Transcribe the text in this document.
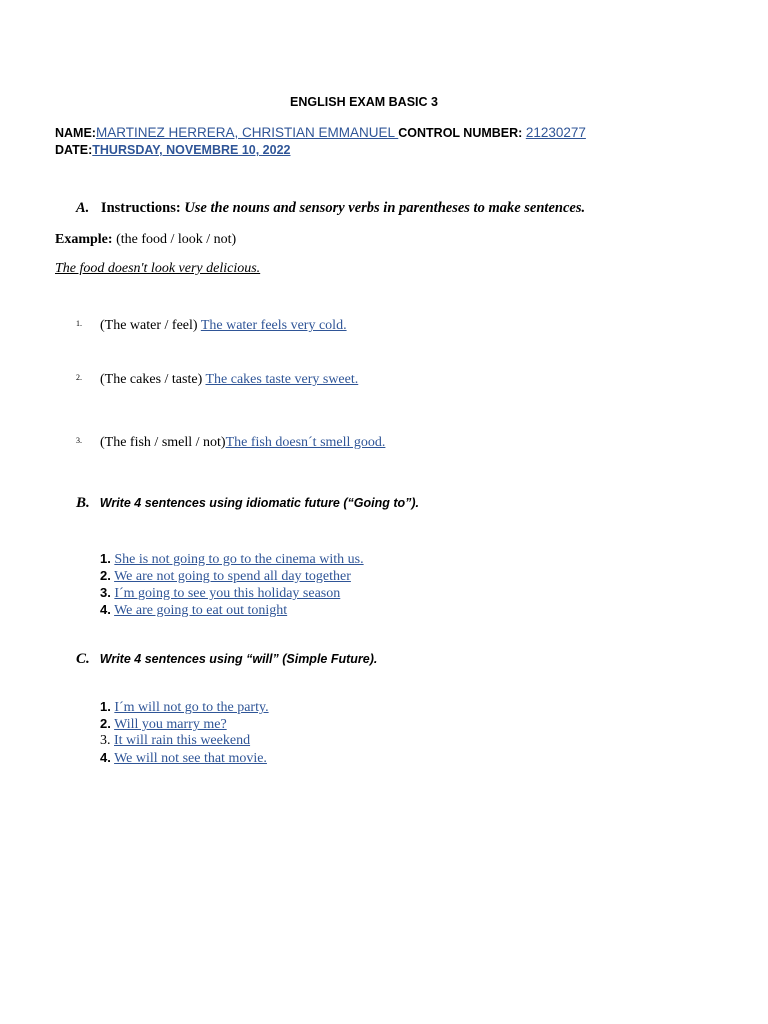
ENGLISH EXAM BASIC 3
NAME:MARTINEZ HERRERA, CHRISTIAN EMMANUEL CONTROL NUMBER: 21230277
DATE:THURSDAY, NOVEMBRE 10, 2022
A. Instructions: Use the nouns and sensory verbs in parentheses to make sentences.
Example: (the food / look / not)
The food doesn't look very delicious.
1. (The water / feel) The water feels very cold.
2. (The cakes / taste) The cakes taste very sweet.
3. (The fish / smell / not)The fish doesn´t smell good.
B. Write 4 sentences using idiomatic future (“Going to”).
1. She is not going to go to the cinema with us.
2. We are not going to spend all day together
3. I´m going to see you this holiday season
4. We are going to eat out tonight
C. Write 4 sentences using “will” (Simple Future).
1. I´m will not go to the party.
2. Will you marry me?
3. It will rain this weekend
4. We will not see that movie.
